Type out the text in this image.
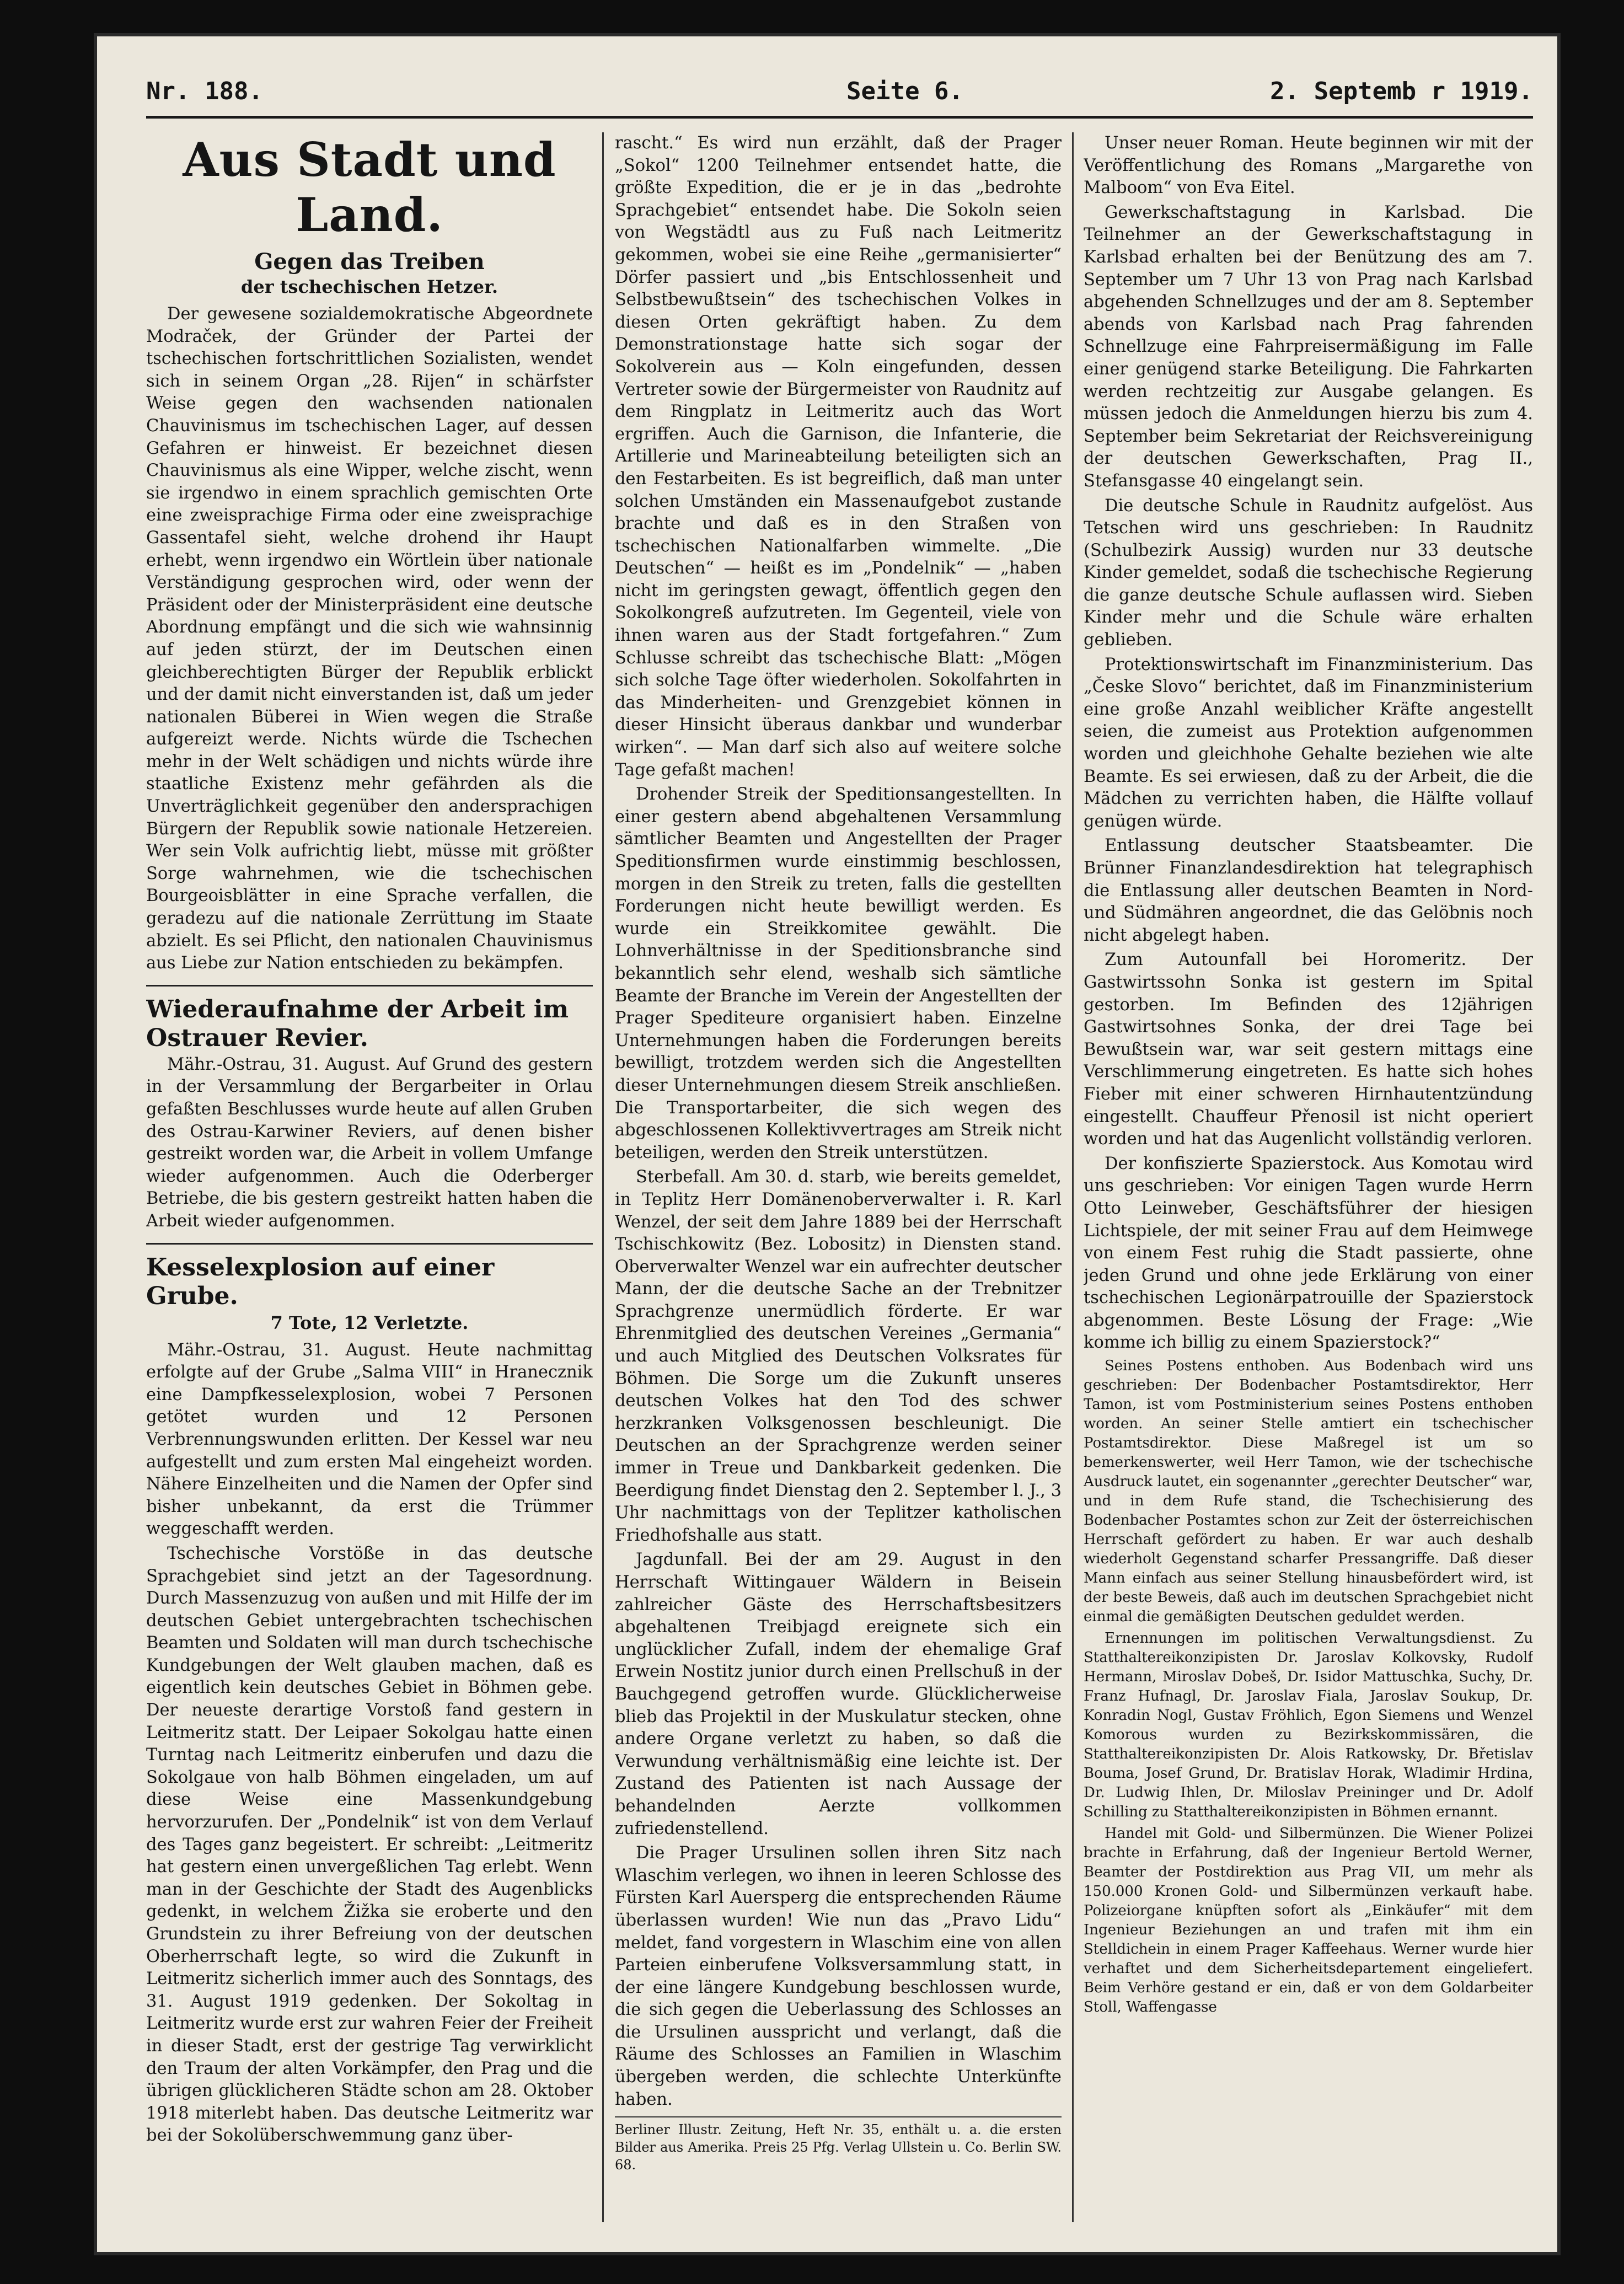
Nr. 188.	Seite 6.	2. Septemb r 1919.
Aus Stadt und Land.
Gegen das Treiben
der tschechischen Hetzer.

Der gewesene sozialdemokratische Abgeordnete Modraček, der Gründer der Partei der tschechischen fortschrittlichen Sozialisten, wendet sich in seinem Organ „28. Rijen“ in schärfster Weise gegen den wachsenden nationalen Chauvinismus im tschechischen Lager, auf dessen Gefahren er hinweist. Er bezeichnet diesen Chauvinismus als eine Wipper, welche zischt, wenn sie irgendwo in einem sprachlich gemischten Orte eine zweisprachige Firma oder eine zweisprachige Gassentafel sieht, welche drohend ihr Haupt erhebt, wenn irgendwo ein Wörtlein über nationale Verständigung gesprochen wird, oder wenn der Präsident oder der Ministerpräsident eine deutsche Abordnung empfängt und die sich wie wahnsinnig auf jeden stürzt, der im Deutschen einen gleichberechtigten Bürger der Republik erblickt und der damit nicht einverstanden ist, daß um jeder nationalen Büberei in Wien wegen die Straße aufgereizt werde. Nichts würde die Tschechen mehr in der Welt schädigen und nichts würde ihre staatliche Existenz mehr gefährden als die Unverträglichkeit gegenüber den andersprachigen Bürgern der Republik sowie nationale Hetzereien. Wer sein Volk aufrichtig liebt, müsse mit größter Sorge wahrnehmen, wie die tschechischen Bourgeoisblätter in eine Sprache verfallen, die geradezu auf die nationale Zerrüttung im Staate abzielt. Es sei Pflicht, den nationalen Chauvinismus aus Liebe zur Nation entschieden zu bekämpfen.

Wiederaufnahme der Arbeit im Ostrauer Revier.

Mähr.-Ostrau, 31. August. Auf Grund des gestern in der Versammlung der Bergarbeiter in Orlau gefaßten Beschlusses wurde heute auf allen Gruben des Ostrau-Karwiner Reviers, auf denen bisher gestreikt worden war, die Arbeit in vollem Umfange wieder aufgenommen. Auch die Oderberger Betriebe, die bis gestern gestreikt hatten haben die Arbeit wieder aufgenommen.

Kesselexplosion auf einer Grube.
7 Tote, 12 Verletzte.

Mähr.-Ostrau, 31. August. Heute nachmittag erfolgte auf der Grube „Salma VIII“ in Hranecznik eine Dampfkesselexplosion, wobei 7 Personen getötet wurden und 12 Personen Verbrennungswunden erlitten. Der Kessel war neu aufgestellt und zum ersten Mal eingeheizt worden. Nähere Einzelheiten und die Namen der Opfer sind bisher unbekannt, da erst die Trümmer weggeschafft werden.

Tschechische Vorstöße in das deutsche Sprachgebiet sind jetzt an der Tagesordnung. Durch Massenzuzug von außen und mit Hilfe der im deutschen Gebiet untergebrachten tschechischen Beamten und Soldaten will man durch tschechische Kundgebungen der Welt glauben machen, daß es eigentlich kein deutsches Gebiet in Böhmen gebe. Der neueste derartige Vorstoß fand gestern in Leitmeritz statt. Der Leipaer Sokolgau hatte einen Turntag nach Leitmeritz einberufen und dazu die Sokolgaue von halb Böhmen eingeladen, um auf diese Weise eine Massenkundgebung hervorzurufen. Der „Pondelnik“ ist von dem Verlauf des Tages ganz begeistert. Er schreibt: „Leitmeritz hat gestern einen unvergeßlichen Tag erlebt. Wenn man in der Geschichte der Stadt des Augenblicks gedenkt, in welchem Žižka sie eroberte und den Grundstein zu ihrer Befreiung von der deutschen Oberherrschaft legte, so wird die Zukunft in Leitmeritz sicherlich immer auch des Sonntags, des 31. August 1919 gedenken. Der Sokoltag in Leitmeritz wurde erst zur wahren Feier der Freiheit in dieser Stadt, erst der gestrige Tag verwirklicht den Traum der alten Vorkämpfer, den Prag und die übrigen glücklicheren Städte schon am 28. Oktober 1918 miterlebt haben. Das deutsche Leitmeritz war bei der Sokolüberschwemmung ganz über-

rascht.“ Es wird nun erzählt, daß der Prager „Sokol“ 1200 Teilnehmer entsendet hatte, die größte Expedition, die er je in das „bedrohte Sprachgebiet“ entsendet habe. Die Sokoln seien von Wegstädtl aus zu Fuß nach Leitmeritz gekommen, wobei sie eine Reihe „germanisierter“ Dörfer passiert und „bis Entschlossenheit und Selbstbewußtsein“ des tschechischen Volkes in diesen Orten gekräftigt haben. Zu dem Demonstrationstage hatte sich sogar der Sokolverein aus — Koln eingefunden, dessen Vertreter sowie der Bürgermeister von Raudnitz auf dem Ringplatz in Leitmeritz auch das Wort ergriffen. Auch die Garnison, die Infanterie, die Artillerie und Marineabteilung beteiligten sich an den Festarbeiten. Es ist begreiflich, daß man unter solchen Umständen ein Massenaufgebot zustande brachte und daß es in den Straßen von tschechischen Nationalfarben wimmelte. „Die Deutschen“ — heißt es im „Pondelnik“ — „haben nicht im geringsten gewagt, öffentlich gegen den Sokolkongreß aufzutreten. Im Gegenteil, viele von ihnen waren aus der Stadt fortgefahren.“ Zum Schlusse schreibt das tschechische Blatt: „Mögen sich solche Tage öfter wiederholen. Sokolfahrten in das Minderheiten- und Grenzgebiet können in dieser Hinsicht überaus dankbar und wunderbar wirken“. — Man darf sich also auf weitere solche Tage gefaßt machen!

Drohender Streik der Speditionsangestellten. In einer gestern abend abgehaltenen Versammlung sämtlicher Beamten und Angestellten der Prager Speditionsfirmen wurde einstimmig beschlossen, morgen in den Streik zu treten, falls die gestellten Forderungen nicht heute bewilligt werden. Es wurde ein Streikkomitee gewählt. Die Lohnverhältnisse in der Speditionsbranche sind bekanntlich sehr elend, weshalb sich sämtliche Beamte der Branche im Verein der Angestellten der Prager Spediteure organisiert haben. Einzelne Unternehmungen haben die Forderungen bereits bewilligt, trotzdem werden sich die Angestellten dieser Unternehmungen diesem Streik anschließen. Die Transportarbeiter, die sich wegen des abgeschlossenen Kollektivvertrages am Streik nicht beteiligen, werden den Streik unterstützen.

Sterbefall. Am 30. d. starb, wie bereits gemeldet, in Teplitz Herr Domänenoberverwalter i. R. Karl Wenzel, der seit dem Jahre 1889 bei der Herrschaft Tschischkowitz (Bez. Lobositz) in Diensten stand. Oberverwalter Wenzel war ein aufrechter deutscher Mann, der die deutsche Sache an der Trebnitzer Sprachgrenze unermüdlich förderte. Er war Ehrenmitglied des deutschen Vereines „Germania“ und auch Mitglied des Deutschen Volksrates für Böhmen. Die Sorge um die Zukunft unseres deutschen Volkes hat den Tod des schwer herzkranken Volksgenossen beschleunigt. Die Deutschen an der Sprachgrenze werden seiner immer in Treue und Dankbarkeit gedenken. Die Beerdigung findet Dienstag den 2. September l. J., 3 Uhr nachmittags von der Teplitzer katholischen Friedhofshalle aus statt.

Jagdunfall. Bei der am 29. August in den Herrschaft Wittingauer Wäldern in Beisein zahlreicher Gäste des Herrschaftsbesitzers abgehaltenen Treibjagd ereignete sich ein unglücklicher Zufall, indem der ehemalige Graf Erwein Nostitz junior durch einen Prellschuß in der Bauchgegend getroffen wurde. Glücklicherweise blieb das Projektil in der Muskulatur stecken, ohne andere Organe verletzt zu haben, so daß die Verwundung verhältnismäßig eine leichte ist. Der Zustand des Patienten ist nach Aussage der behandelnden Aerzte vollkommen zufriedenstellend.

Die Prager Ursulinen sollen ihren Sitz nach Wlaschim verlegen, wo ihnen in leeren Schlosse des Fürsten Karl Auersperg die entsprechenden Räume überlassen wurden! Wie nun das „Pravo Lidu“ meldet, fand vorgestern in Wlaschim eine von allen Parteien einberufene Volksversammlung statt, in der eine längere Kundgebung beschlossen wurde, die sich gegen die Ueberlassung des Schlosses an die Ursulinen ausspricht und verlangt, daß die Räume des Schlosses an Familien in Wlaschim übergeben werden, die schlechte Unterkünfte haben.

Berliner Illustr. Zeitung, Heft Nr. 35, enthält u. a. die ersten Bilder aus Amerika. Preis 25 Pfg. Verlag Ullstein u. Co. Berlin SW. 68.

Unser neuer Roman. Heute beginnen wir mit der Veröffentlichung des Romans „Margarethe von Malboom“ von Eva Eitel.

Gewerkschaftstagung in Karlsbad. Die Teilnehmer an der Gewerkschaftstagung in Karlsbad erhalten bei der Benützung des am 7. September um 7 Uhr 13 von Prag nach Karlsbad abgehenden Schnellzuges und der am 8. September abends von Karlsbad nach Prag fahrenden Schnellzuge eine Fahrpreisermäßigung im Falle einer genügend starke Beteiligung. Die Fahrkarten werden rechtzeitig zur Ausgabe gelangen. Es müssen jedoch die Anmeldungen hierzu bis zum 4. September beim Sekretariat der Reichsvereinigung der deutschen Gewerkschaften, Prag II., Stefansgasse 40 eingelangt sein.

Die deutsche Schule in Raudnitz aufgelöst. Aus Tetschen wird uns geschrieben: In Raudnitz (Schulbezirk Aussig) wurden nur 33 deutsche Kinder gemeldet, sodaß die tschechische Regierung die ganze deutsche Schule auflassen wird. Sieben Kinder mehr und die Schule wäre erhalten geblieben.

Protektionswirtschaft im Finanzministerium. Das „Česke Slovo“ berichtet, daß im Finanzministerium eine große Anzahl weiblicher Kräfte angestellt seien, die zumeist aus Protektion aufgenommen worden und gleichhohe Gehalte beziehen wie alte Beamte. Es sei erwiesen, daß zu der Arbeit, die die Mädchen zu verrichten haben, die Hälfte vollauf genügen würde.

Entlassung deutscher Staatsbeamter. Die Brünner Finanzlandesdirektion hat telegraphisch die Entlassung aller deutschen Beamten in Nord- und Südmähren angeordnet, die das Gelöbnis noch nicht abgelegt haben.

Zum Autounfall bei Horomeritz. Der Gastwirtssohn Sonka ist gestern im Spital gestorben. Im Befinden des 12jährigen Gastwirtsohnes Sonka, der drei Tage bei Bewußtsein war, war seit gestern mittags eine Verschlimmerung eingetreten. Es hatte sich hohes Fieber mit einer schweren Hirnhautentzündung eingestellt. Chauffeur Přenosil ist nicht operiert worden und hat das Augenlicht vollständig verloren.

Der konfiszierte Spazierstock. Aus Komotau wird uns geschrieben: Vor einigen Tagen wurde Herrn Otto Leinweber, Geschäftsführer der hiesigen Lichtspiele, der mit seiner Frau auf dem Heimwege von einem Fest ruhig die Stadt passierte, ohne jeden Grund und ohne jede Erklärung von einer tschechischen Legionärpatrouille der Spazierstock abgenommen. Beste Lösung der Frage: „Wie komme ich billig zu einem Spazierstock?“

Seines Postens enthoben. Aus Bodenbach wird uns geschrieben: Der Bodenbacher Postamtsdirektor, Herr Tamon, ist vom Postministerium seines Postens enthoben worden. An seiner Stelle amtiert ein tschechischer Postamtsdirektor. Diese Maßregel ist um so bemerkenswerter, weil Herr Tamon, wie der tschechische Ausdruck lautet, ein sogenannter „gerechter Deutscher“ war, und in dem Rufe stand, die Tschechisierung des Bodenbacher Postamtes schon zur Zeit der österreichischen Herrschaft gefördert zu haben. Er war auch deshalb wiederholt Gegenstand scharfer Pressangriffe. Daß dieser Mann einfach aus seiner Stellung hinausbefördert wird, ist der beste Beweis, daß auch im deutschen Sprachgebiet nicht einmal die gemäßigten Deutschen geduldet werden.

Ernennungen im politischen Verwaltungsdienst. Zu Statthaltereikonzipisten Dr. Jaroslav Kolkovsky, Rudolf Hermann, Miroslav Dobeš, Dr. Isidor Mattuschka, Suchy, Dr. Franz Hufnagl, Dr. Jaroslav Fiala, Jaroslav Soukup, Dr. Konradin Nogl, Gustav Fröhlich, Egon Siemens und Wenzel Komorous wurden zu Bezirkskommissären, die Statthaltereikonzipisten Dr. Alois Ratkowsky, Dr. Břetislav Bouma, Josef Grund, Dr. Bratislav Horak, Wladimir Hrdina, Dr. Ludwig Ihlen, Dr. Miloslav Preininger und Dr. Adolf Schilling zu Statthaltereikonzipisten in Böhmen ernannt.

Handel mit Gold- und Silbermünzen. Die Wiener Polizei brachte in Erfahrung, daß der Ingenieur Bertold Werner, Beamter der Postdirektion aus Prag VII, um mehr als 150.000 Kronen Gold- und Silbermünzen verkauft habe. Polizeiorgane knüpften sofort als „Einkäufer“ mit dem Ingenieur Beziehungen an und trafen mit ihm ein Stelldichein in einem Prager Kaffeehaus. Werner wurde hier verhaftet und dem Sicherheitsdepartement eingeliefert. Beim Verhöre gestand er ein, daß er von dem Goldarbeiter Stoll, Waffengasse
